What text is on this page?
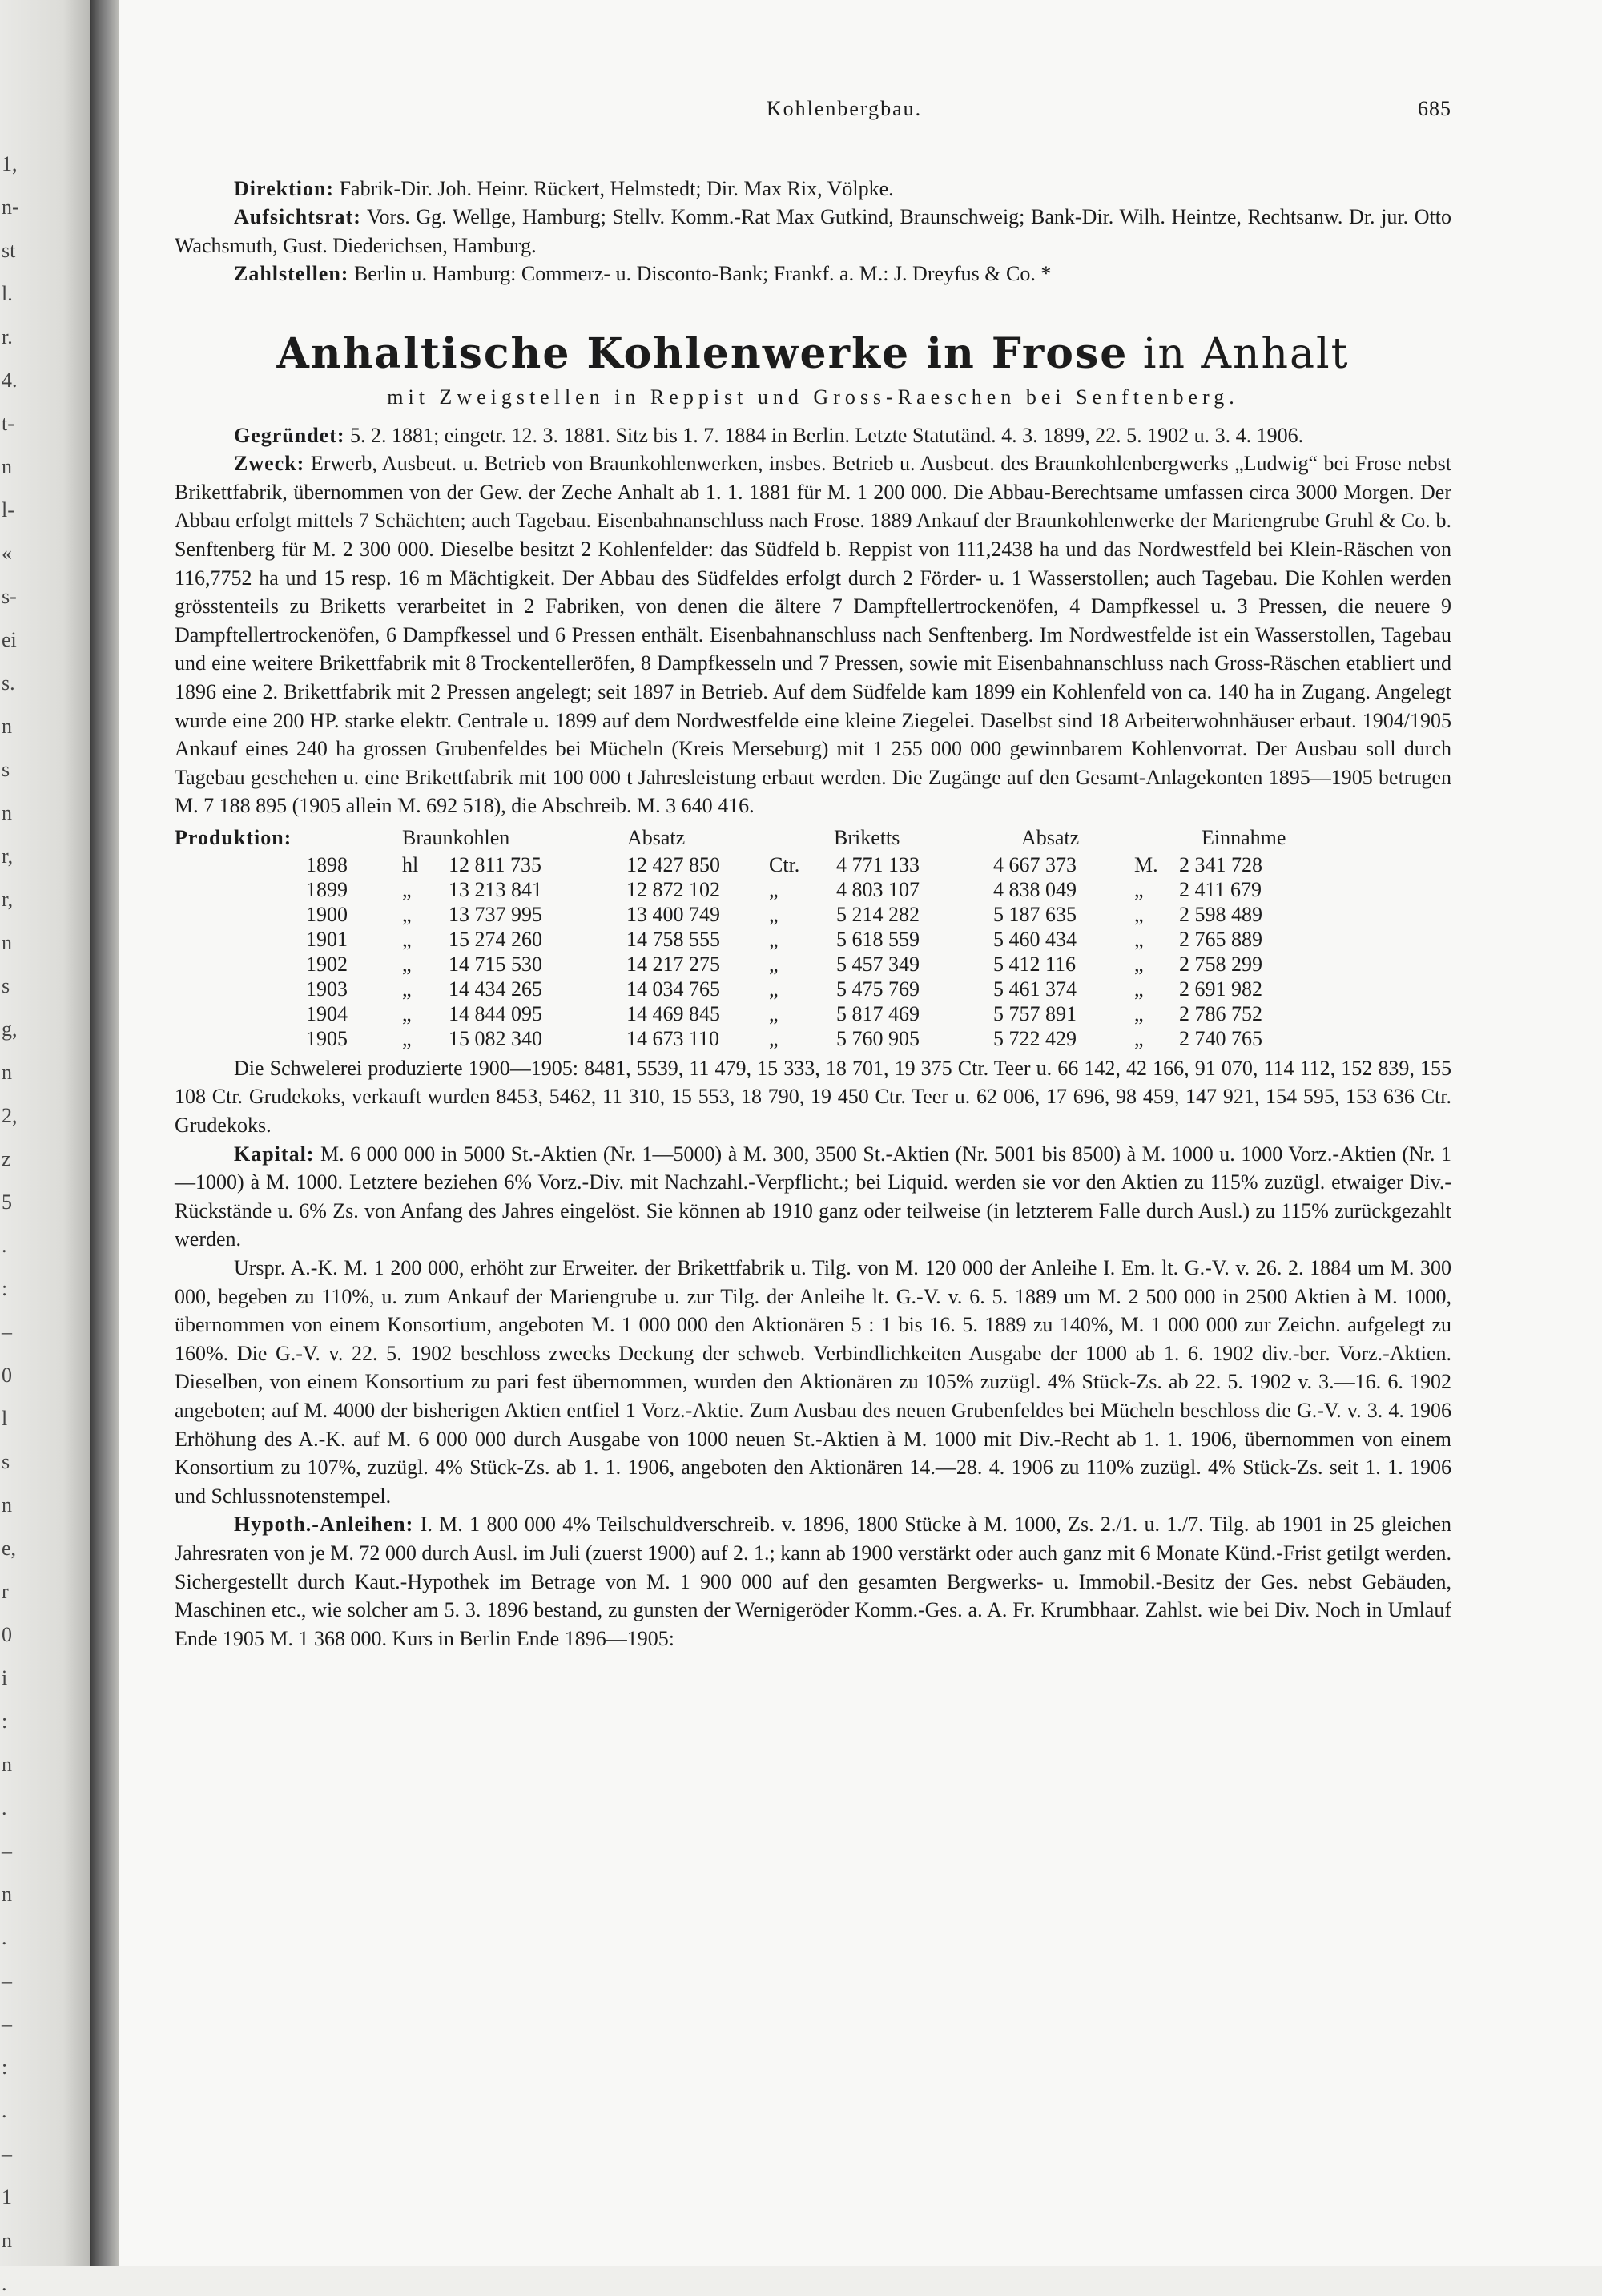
1,
n-
st
l.
r.
4.
t-
n
l-
«
s-
ei
s.
n
s
n
r,
r,
n
s
g,
n
2,
z
5
.
:
–
0
l
s
n
e,
r
0
i
:
n
.
–
n
.
–
–
:
.
–
1
n
.
Kohlenbergbau.	685

Direktion: Fabrik-Dir. Joh. Heinr. Rückert, Helmstedt; Dir. Max Rix, Völpke.

Aufsichtsrat: Vors. Gg. Wellge, Hamburg; Stellv. Komm.-Rat Max Gutkind, Braunschweig; Bank-Dir. Wilh. Heintze, Rechtsanw. Dr. jur. Otto Wachsmuth, Gust. Diederichsen, Hamburg.

Zahlstellen: Berlin u. Hamburg: Commerz- u. Disconto-Bank; Frankf. a. M.: J. Dreyfus & Co. *

Anhaltische Kohlenwerke in Frose in Anhalt
mit Zweigstellen in Reppist und Gross-Raeschen bei Senftenberg.

Gegründet: 5. 2. 1881; eingetr. 12. 3. 1881. Sitz bis 1. 7. 1884 in Berlin. Letzte Statutänd. 4. 3. 1899, 22. 5. 1902 u. 3. 4. 1906.

Zweck: Erwerb, Ausbeut. u. Betrieb von Braunkohlenwerken, insbes. Betrieb u. Ausbeut. des Braunkohlenbergwerks „Ludwig“ bei Frose nebst Brikettfabrik, übernommen von der Gew. der Zeche Anhalt ab 1. 1. 1881 für M. 1 200 000. Die Abbau-Berechtsame umfassen circa 3000 Morgen. Der Abbau erfolgt mittels 7 Schächten; auch Tagebau. Eisenbahnanschluss nach Frose. 1889 Ankauf der Braunkohlenwerke der Mariengrube Gruhl & Co. b. Senftenberg für M. 2 300 000. Dieselbe besitzt 2 Kohlenfelder: das Südfeld b. Reppist von 111,2438 ha und das Nordwestfeld bei Klein-Räschen von 116,7752 ha und 15 resp. 16 m Mächtigkeit. Der Abbau des Südfeldes erfolgt durch 2 Förder- u. 1 Wasserstollen; auch Tagebau. Die Kohlen werden grösstenteils zu Briketts verarbeitet in 2 Fabriken, von denen die ältere 7 Dampftellertrockenöfen, 4 Dampfkessel u. 3 Pressen, die neuere 9 Dampftellertrockenöfen, 6 Dampfkessel und 6 Pressen enthält. Eisenbahnanschluss nach Senftenberg. Im Nordwestfelde ist ein Wasserstollen, Tagebau und eine weitere Brikettfabrik mit 8 Trockentelleröfen, 8 Dampfkesseln und 7 Pressen, sowie mit Eisenbahnanschluss nach Gross-Räschen etabliert und 1896 eine 2. Brikettfabrik mit 2 Pressen angelegt; seit 1897 in Betrieb. Auf dem Südfelde kam 1899 ein Kohlenfeld von ca. 140 ha in Zugang. Angelegt wurde eine 200 HP. starke elektr. Centrale u. 1899 auf dem Nordwestfelde eine kleine Ziegelei. Daselbst sind 18 Arbeiterwohnhäuser erbaut. 1904/1905 Ankauf eines 240 ha grossen Grubenfeldes bei Mücheln (Kreis Merseburg) mit 1 255 000 000 gewinnbarem Kohlenvorrat. Der Ausbau soll durch Tagebau geschehen u. eine Brikettfabrik mit 100 000 t Jahresleistung erbaut werden. Die Zugänge auf den Gesamt-Anlagekonten 1895—1905 betrugen M. 7 188 895 (1905 allein M. 692 518), die Abschreib. M. 3 640 416.

Produktion:	Braunkohlen	Absatz	Briketts	Absatz	Einnahme
1898	hl	12 811 735	12 427 850	Ctr.	4 771 133	4 667 373	M.	2 341 728
1899	„	13 213 841	12 872 102	„	4 803 107	4 838 049	„	2 411 679
1900	„	13 737 995	13 400 749	„	5 214 282	5 187 635	„	2 598 489
1901	„	15 274 260	14 758 555	„	5 618 559	5 460 434	„	2 765 889
1902	„	14 715 530	14 217 275	„	5 457 349	5 412 116	„	2 758 299
1903	„	14 434 265	14 034 765	„	5 475 769	5 461 374	„	2 691 982
1904	„	14 844 095	14 469 845	„	5 817 469	5 757 891	„	2 786 752
1905	„	15 082 340	14 673 110	„	5 760 905	5 722 429	„	2 740 765

Die Schwelerei produzierte 1900—1905: 8481, 5539, 11 479, 15 333, 18 701, 19 375 Ctr. Teer u. 66 142, 42 166, 91 070, 114 112, 152 839, 155 108 Ctr. Grudekoks, verkauft wurden 8453, 5462, 11 310, 15 553, 18 790, 19 450 Ctr. Teer u. 62 006, 17 696, 98 459, 147 921, 154 595, 153 636 Ctr. Grudekoks.

Kapital: M. 6 000 000 in 5000 St.-Aktien (Nr. 1—5000) à M. 300, 3500 St.-Aktien (Nr. 5001 bis 8500) à M. 1000 u. 1000 Vorz.-Aktien (Nr. 1—1000) à M. 1000. Letztere beziehen 6% Vorz.-Div. mit Nachzahl.-Verpflicht.; bei Liquid. werden sie vor den Aktien zu 115% zuzügl. etwaiger Div.-Rückstände u. 6% Zs. von Anfang des Jahres eingelöst. Sie können ab 1910 ganz oder teilweise (in letzterem Falle durch Ausl.) zu 115% zurückgezahlt werden.

Urspr. A.-K. M. 1 200 000, erhöht zur Erweiter. der Brikettfabrik u. Tilg. von M. 120 000 der Anleihe I. Em. lt. G.-V. v. 26. 2. 1884 um M. 300 000, begeben zu 110%, u. zum Ankauf der Mariengrube u. zur Tilg. der Anleihe lt. G.-V. v. 6. 5. 1889 um M. 2 500 000 in 2500 Aktien à M. 1000, übernommen von einem Konsortium, angeboten M. 1 000 000 den Aktionären 5 : 1 bis 16. 5. 1889 zu 140%, M. 1 000 000 zur Zeichn. aufgelegt zu 160%. Die G.-V. v. 22. 5. 1902 beschloss zwecks Deckung der schweb. Verbindlichkeiten Ausgabe der 1000 ab 1. 6. 1902 div.-ber. Vorz.-Aktien. Dieselben, von einem Konsortium zu pari fest übernommen, wurden den Aktionären zu 105% zuzügl. 4% Stück-Zs. ab 22. 5. 1902 v. 3.—16. 6. 1902 angeboten; auf M. 4000 der bisherigen Aktien entfiel 1 Vorz.-Aktie. Zum Ausbau des neuen Grubenfeldes bei Mücheln beschloss die G.-V. v. 3. 4. 1906 Erhöhung des A.-K. auf M. 6 000 000 durch Ausgabe von 1000 neuen St.-Aktien à M. 1000 mit Div.-Recht ab 1. 1. 1906, übernommen von einem Konsortium zu 107%, zuzügl. 4% Stück-Zs. ab 1. 1. 1906, angeboten den Aktionären 14.—28. 4. 1906 zu 110% zuzügl. 4% Stück-Zs. seit 1. 1. 1906 und Schlussnotenstempel.

Hypoth.-Anleihen: I. M. 1 800 000 4% Teilschuldverschreib. v. 1896, 1800 Stücke à M. 1000, Zs. 2./1. u. 1./7. Tilg. ab 1901 in 25 gleichen Jahresraten von je M. 72 000 durch Ausl. im Juli (zuerst 1900) auf 2. 1.; kann ab 1900 verstärkt oder auch ganz mit 6 Monate Künd.-Frist getilgt werden. Sichergestellt durch Kaut.-Hypothek im Betrage von M. 1 900 000 auf den gesamten Bergwerks- u. Immobil.-Besitz der Ges. nebst Gebäuden, Maschinen etc., wie solcher am 5. 3. 1896 bestand, zu gunsten der Wernigeröder Komm.-Ges. a. A. Fr. Krumbhaar. Zahlst. wie bei Div. Noch in Umlauf Ende 1905 M. 1 368 000. Kurs in Berlin Ende 1896—1905:
